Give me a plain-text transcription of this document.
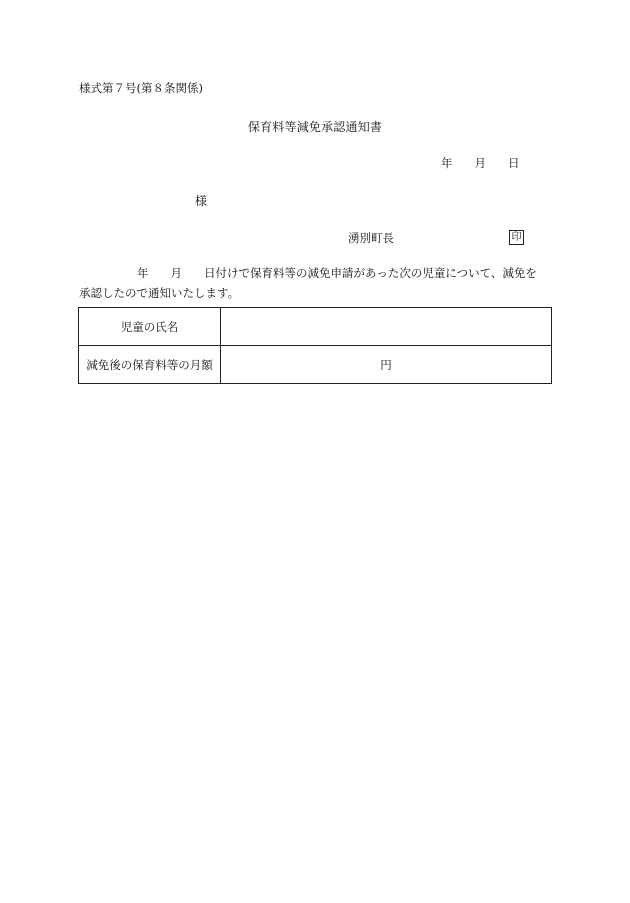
様式第７号(第８条関係)
保育料等減免承認通知書
年 月 日
様
湧別町長	印
年 月 日付けで保育料等の減免申請があった次の児童について、減免を
承認したので通知いたします。
児童の氏名	
減免後の保育料等の月額	円
